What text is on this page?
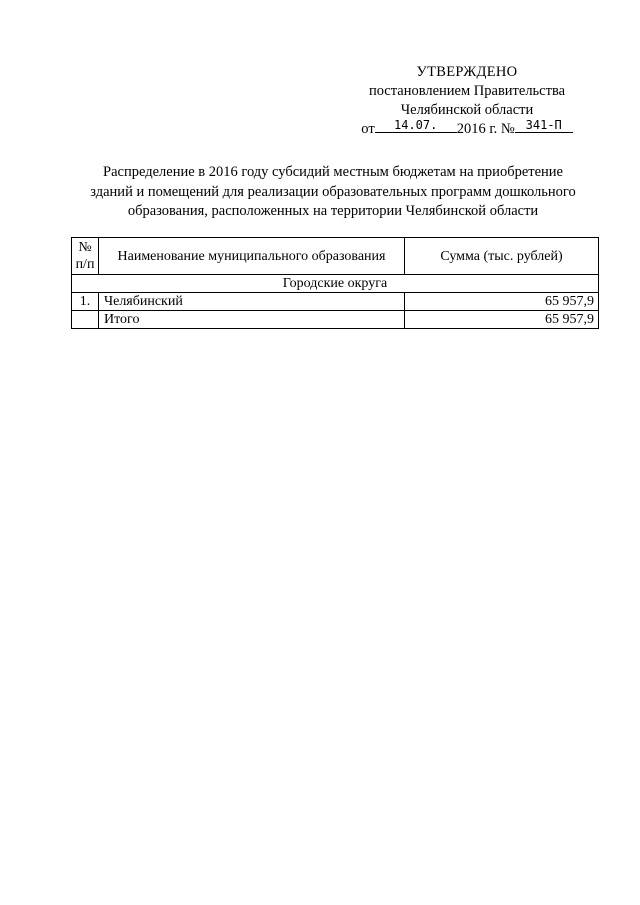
УТВЕРЖДЕНО
постановлением Правительства
Челябинской области
от 14.07. 2016 г. № 341-П
Распределение в 2016 году субсидий местным бюджетам на приобретение
зданий и помещений для реализации образовательных программ дошкольного
образования, расположенных на территории Челябинской области
№
п/п	Наименование муниципального образования	Сумма (тыс. рублей)
Городские округа		
1.	Челябинский	65 957,9
	Итого	65 957,9
